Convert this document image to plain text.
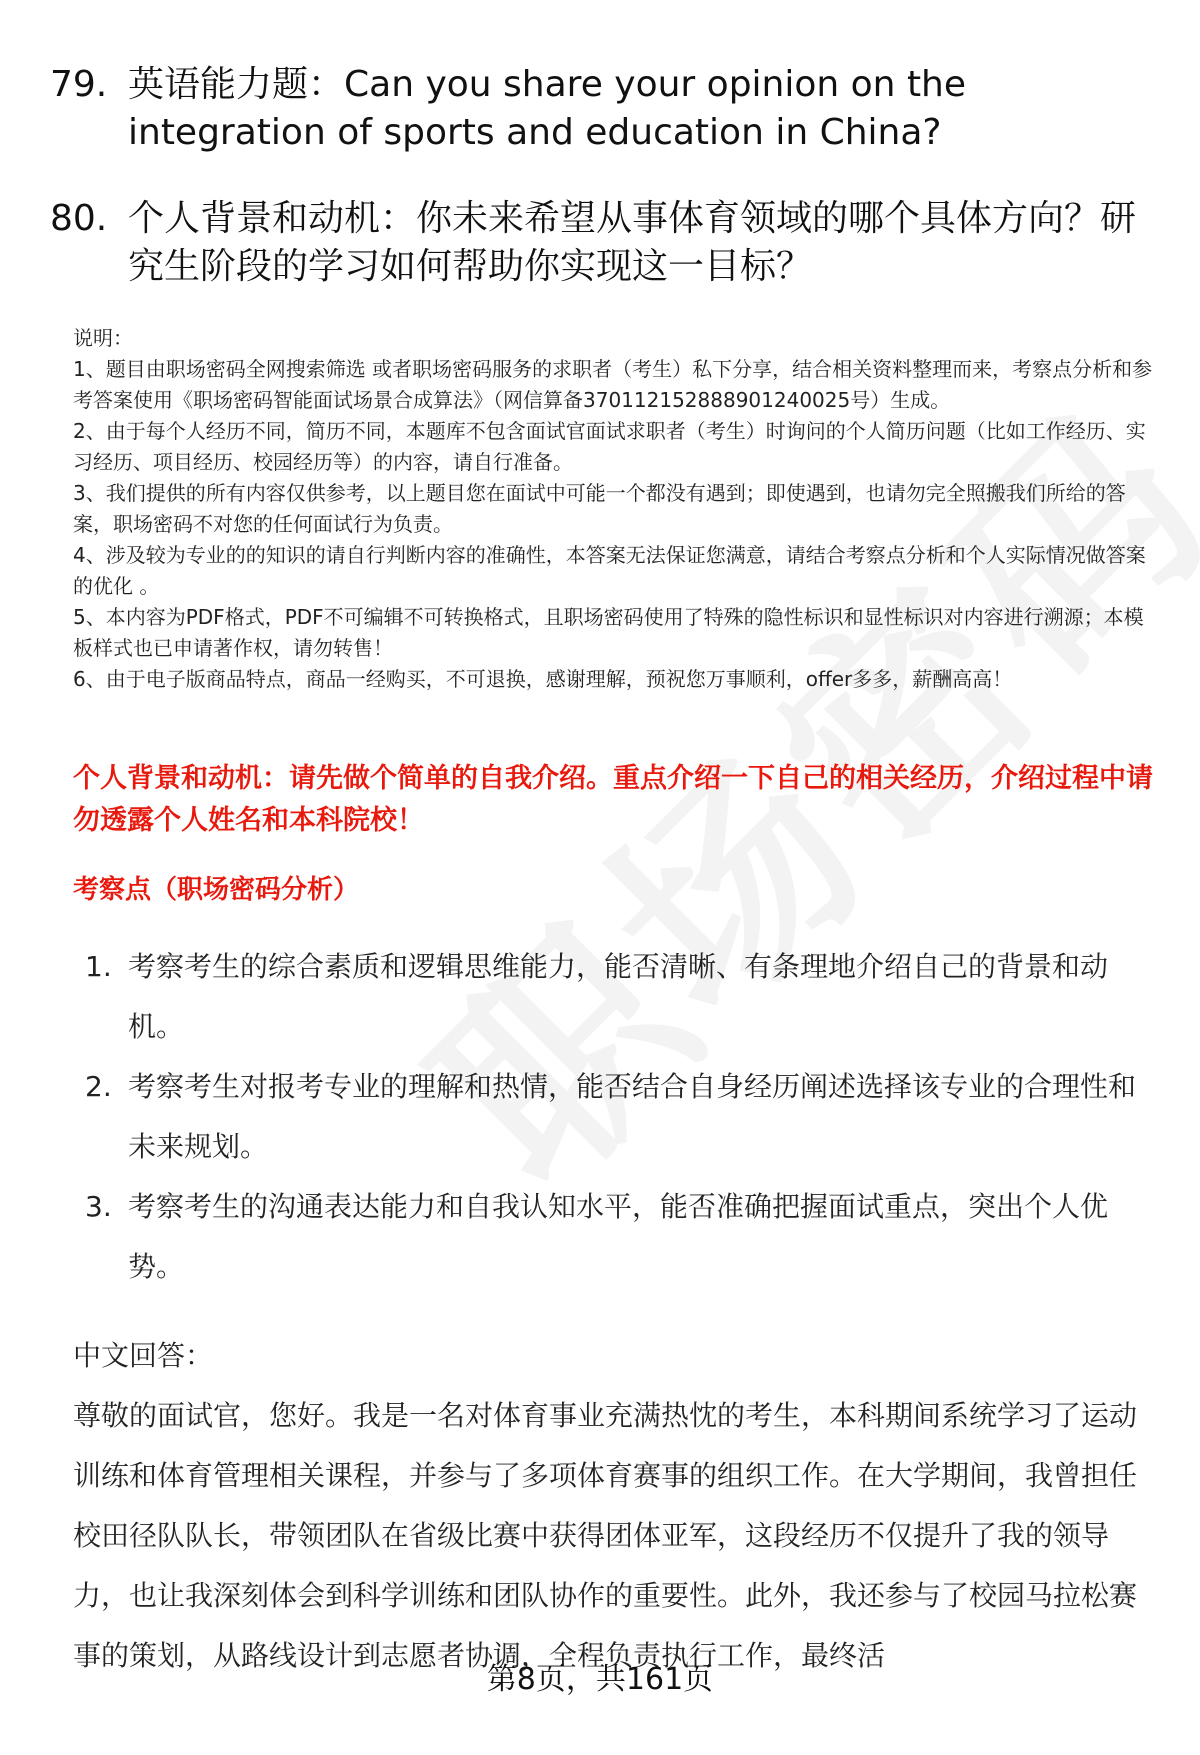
79. 英语能力题：Can you share your opinion on the integration of sports and education in China?
80. 个人背景和动机：你未来希望从事体育领域的哪个具体方向？研究生阶段的学习如何帮助你实现这一目标？

说明：

1、题目由职场密码全网搜索筛选 或者职场密码服务的求职者（考生）私下分享，结合相关资料整理而来，考察点分析和参考答案使用《职场密码智能面试场景合成算法》（网信算备370112152888901240025号）生成。

2、由于每个人经历不同，简历不同，本题库不包含面试官面试求职者（考生）时询问的个人简历问题（比如工作经历、实习经历、项目经历、校园经历等）的内容，请自行准备。

3、我们提供的所有内容仅供参考，以上题目您在面试中可能一个都没有遇到；即使遇到，也请勿完全照搬我们所给的答案，职场密码不对您的任何面试行为负责。

4、涉及较为专业的的知识的请自行判断内容的准确性，本答案无法保证您满意，请结合考察点分析和个人实际情况做答案的优化 。

5、本内容为PDF格式，PDF不可编辑不可转换格式，且职场密码使用了特殊的隐性标识和显性标识对内容进行溯源；本模板样式也已申请著作权，请勿转售！

6、由于电子版商品特点，商品一经购买，不可退换，感谢理解，预祝您万事顺利，offer多多，薪酬高高！

个人背景和动机：请先做个简单的自我介绍。重点介绍一下自己的相关经历，介绍过程中请勿透露个人姓名和本科院校！
考察点（职场密码分析）
1. 考察考生的综合素质和逻辑思维能力，能否清晰、有条理地介绍自己的背景和动机。
2. 考察考生对报考专业的理解和热情，能否结合自身经历阐述选择该专业的合理性和未来规划。
3. 考察考生的沟通表达能力和自我认知水平，能否准确把握面试重点，突出个人优势。

中文回答：

尊敬的面试官，您好。我是一名对体育事业充满热忱的考生，本科期间系统学习了运动训练和体育管理相关课程，并参与了多项体育赛事的组织工作。在大学期间，我曾担任校田径队队长，带领团队在省级比赛中获得团体亚军，这段经历不仅提升了我的领导力，也让我深刻体会到科学训练和团队协作的重要性。此外，我还参与了校园马拉松赛事的策划，从路线设计到志愿者协调，全程负责执行工作，最终活

第8页，共161页
